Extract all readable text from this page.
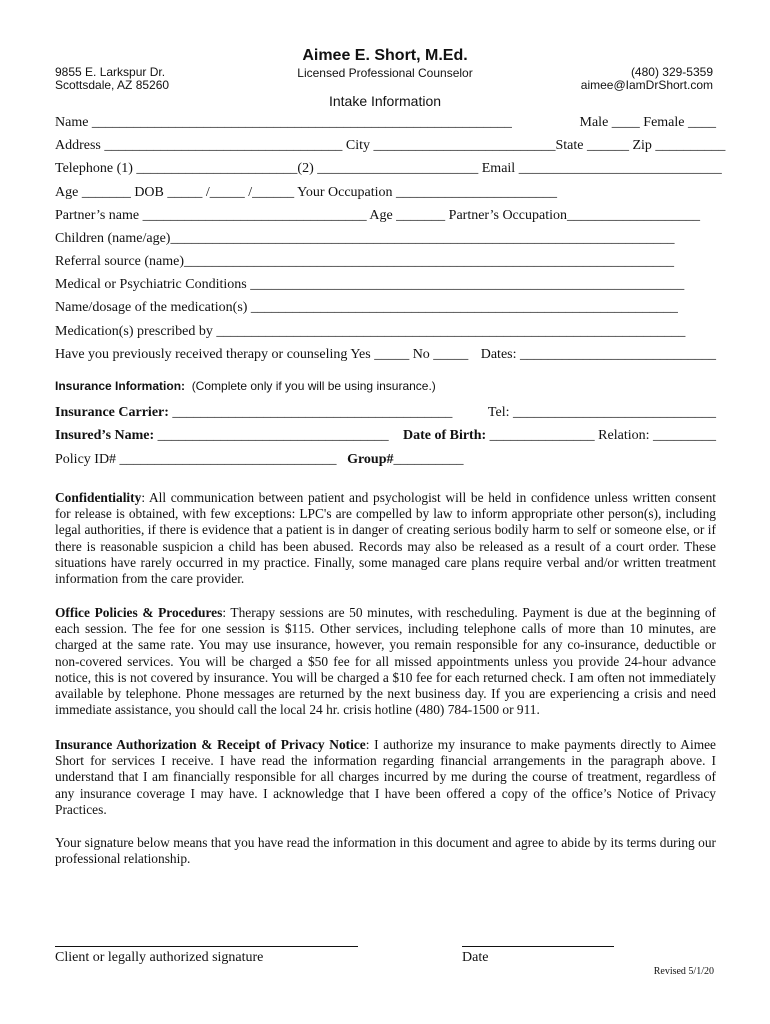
Aimee E. Short, M.Ed.
9855 E. Larkspur Dr.
Scottsdale, AZ 85260
Licensed Professional Counselor	(480) 329-5359
aimee@IamDrShort.com
Intake Information
Name ____________________________________________________________	Male ____ Female ____
Address __________________________________ City __________________________State ______ Zip __________
Telephone (1) _______________________(2) _______________________ Email _____________________________
Age _______ DOB _____ /_____ /______ Your Occupation _______________________
Partner’s name ________________________________ Age _______ Partner’s Occupation___________________
Children (name/age)________________________________________________________________________
Referral source (name)______________________________________________________________________
Medical or Psychiatric Conditions ______________________________________________________________
Name/dosage of the medication(s) _____________________________________________________________
Medication(s) prescribed by ___________________________________________________________________
Have you previously received therapy or counseling Yes _____ No _____ Dates: ____________________________
Insurance Information: (Complete only if you will be using insurance.)
Insurance Carrier: ________________________________________	Tel: _____________________________
Insured’s Name: _________________________________ Date of Birth: _______________ Relation: _________
Policy ID# _______________________________ Group#__________
Confidentiality: All communication between patient and psychologist will be held in confidence unless written consent for release is obtained, with few exceptions: LPC's are compelled by law to inform appropriate other person(s), including legal authorities, if there is evidence that a patient is in danger of creating serious bodily harm to self or someone else, or if there is reasonable suspicion a child has been abused. Records may also be released as a result of a court order. These situations have rarely occurred in my practice. Finally, some managed care plans require verbal and/or written treatment information from the care provider.
Office Policies & Procedures: Therapy sessions are 50 minutes, with rescheduling. Payment is due at the beginning of each session. The fee for one session is $115. Other services, including telephone calls of more than 10 minutes, are charged at the same rate. You may use insurance, however, you remain responsible for any co-insurance, deductible or non-covered services. You will be charged a $50 fee for all missed appointments unless you provide 24-hour advance notice, this is not covered by insurance. You will be charged a $10 fee for each returned check. I am often not immediately available by telephone. Phone messages are returned by the next business day. If you are experiencing a crisis and need immediate assistance, you should call the local 24 hr. crisis hotline (480) 784-1500 or 911.
Insurance Authorization & Receipt of Privacy Notice: I authorize my insurance to make payments directly to Aimee Short for services I receive. I have read the information regarding financial arrangements in the paragraph above. I understand that I am financially responsible for all charges incurred by me during the course of treatment, regardless of any insurance coverage I may have. I acknowledge that I have been offered a copy of the office’s Notice of Privacy Practices.
Your signature below means that you have read the information in this document and agree to abide by its terms during our professional relationship.
Client or legally authorized signature	Date
Revised 5/1/20
